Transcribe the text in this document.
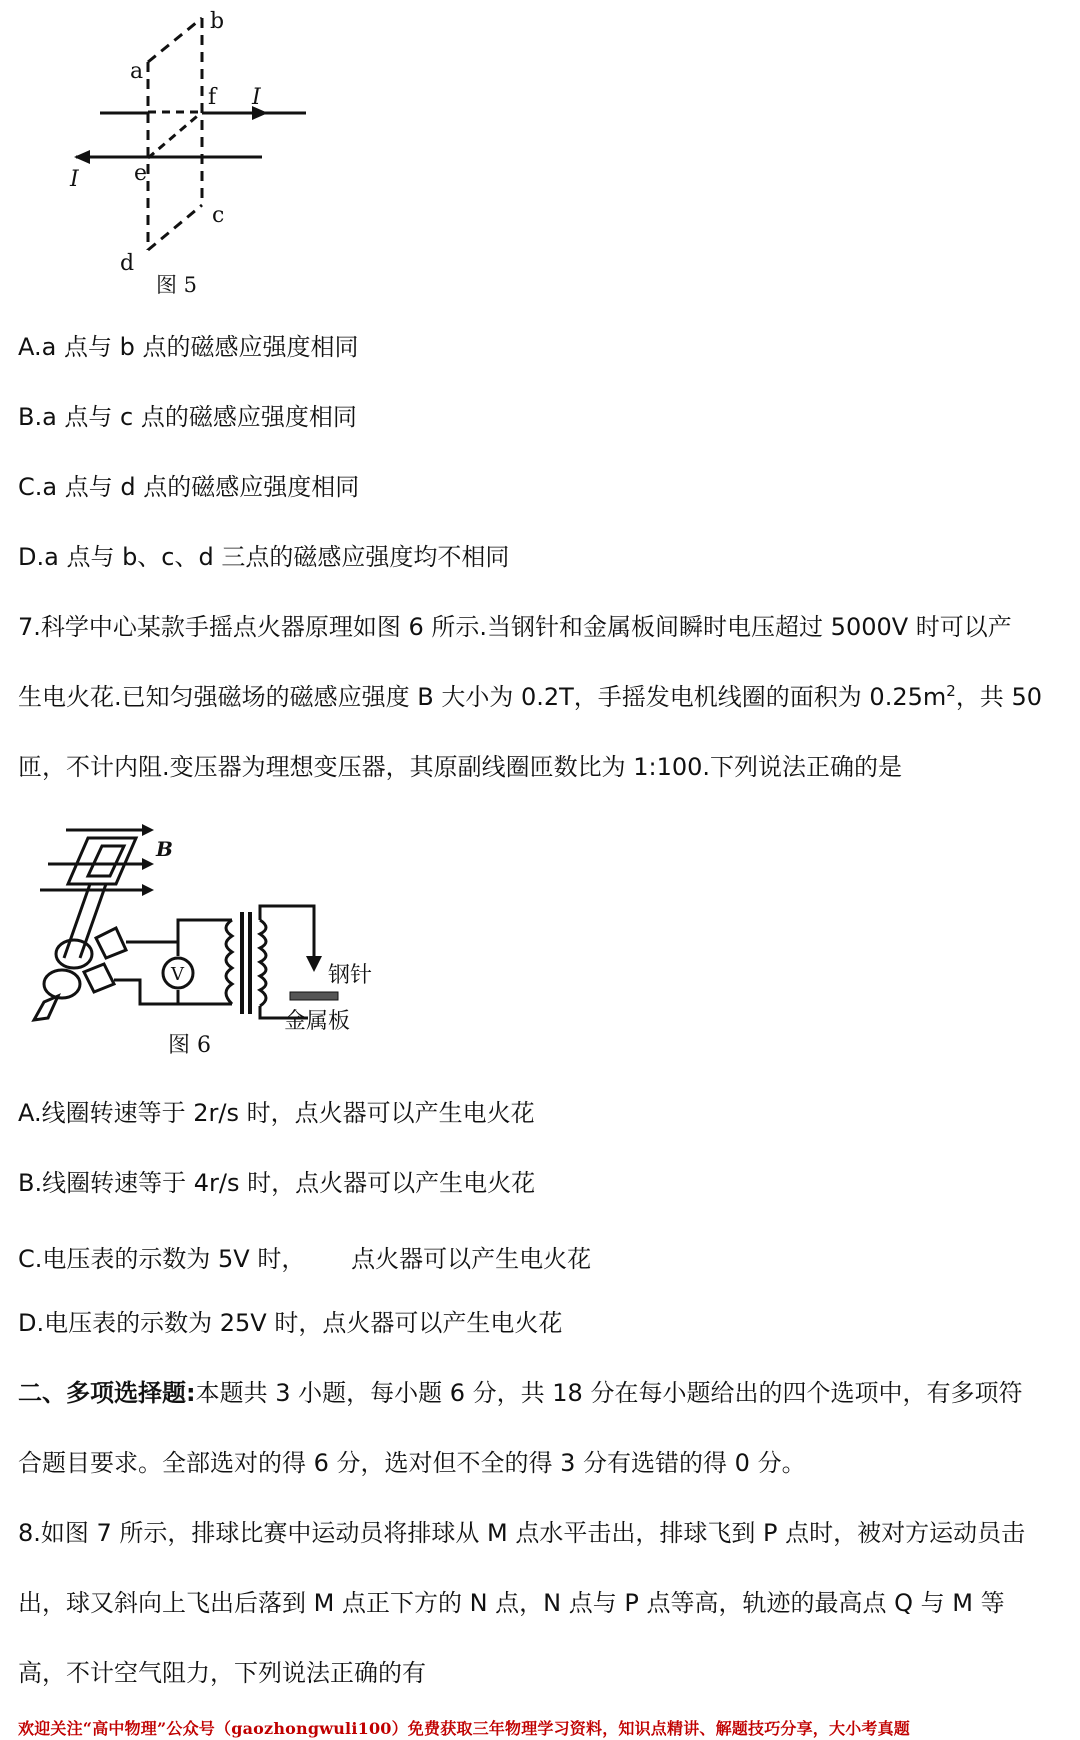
a
b
f I
e
I
c
d
图 5
A.a 点与 b 点的磁感应强度相同
B.a 点与 c 点的磁感应强度相同
C.a 点与 d 点的磁感应强度相同
D.a 点与 b、c、d 三点的磁感应强度均不相同
7.科学中心某款手摇点火器原理如图 6 所示.当钢针和金属板间瞬时电压超过 5000V 时可以产
生电火花.已知匀强磁场的磁感应强度 B 大小为 0.2T，手摇发电机线圈的面积为 $0.25m^2$，共 50
匝，不计内阻.变压器为理想变压器，其原副线圈匝数比为 1:100.下列说法正确的是
B
V	钢针
金属板
图 6
A.线圈转速等于 2r/s 时，点火器可以产生电火花
B.线圈转速等于 4r/s 时，点火器可以产生电火花
C.电压表的示数为 5V 时，      点火器可以产生电火花
D.电压表的示数为 25V 时，点火器可以产生电火花
二、多项选择题:本题共 3 小题，每小题 6 分，共 18 分在每小题给出的四个选项中，有多项符
合题目要求。全部选对的得 6 分，选对但不全的得 3 分有选错的得 0 分。
8.如图 7 所示，排球比赛中运动员将排球从 M 点水平击出，排球飞到 P 点时，被对方运动员击
出，球又斜向上飞出后落到 M 点正下方的 N 点，N 点与 P 点等高，轨迹的最高点 Q 与 M 等
高，不计空气阻力，下列说法正确的有
欢迎关注“高中物理”公众号（gaozhongwuli100）免费获取三年物理学习资料，知识点精讲、解题技巧分享，大小考真题
